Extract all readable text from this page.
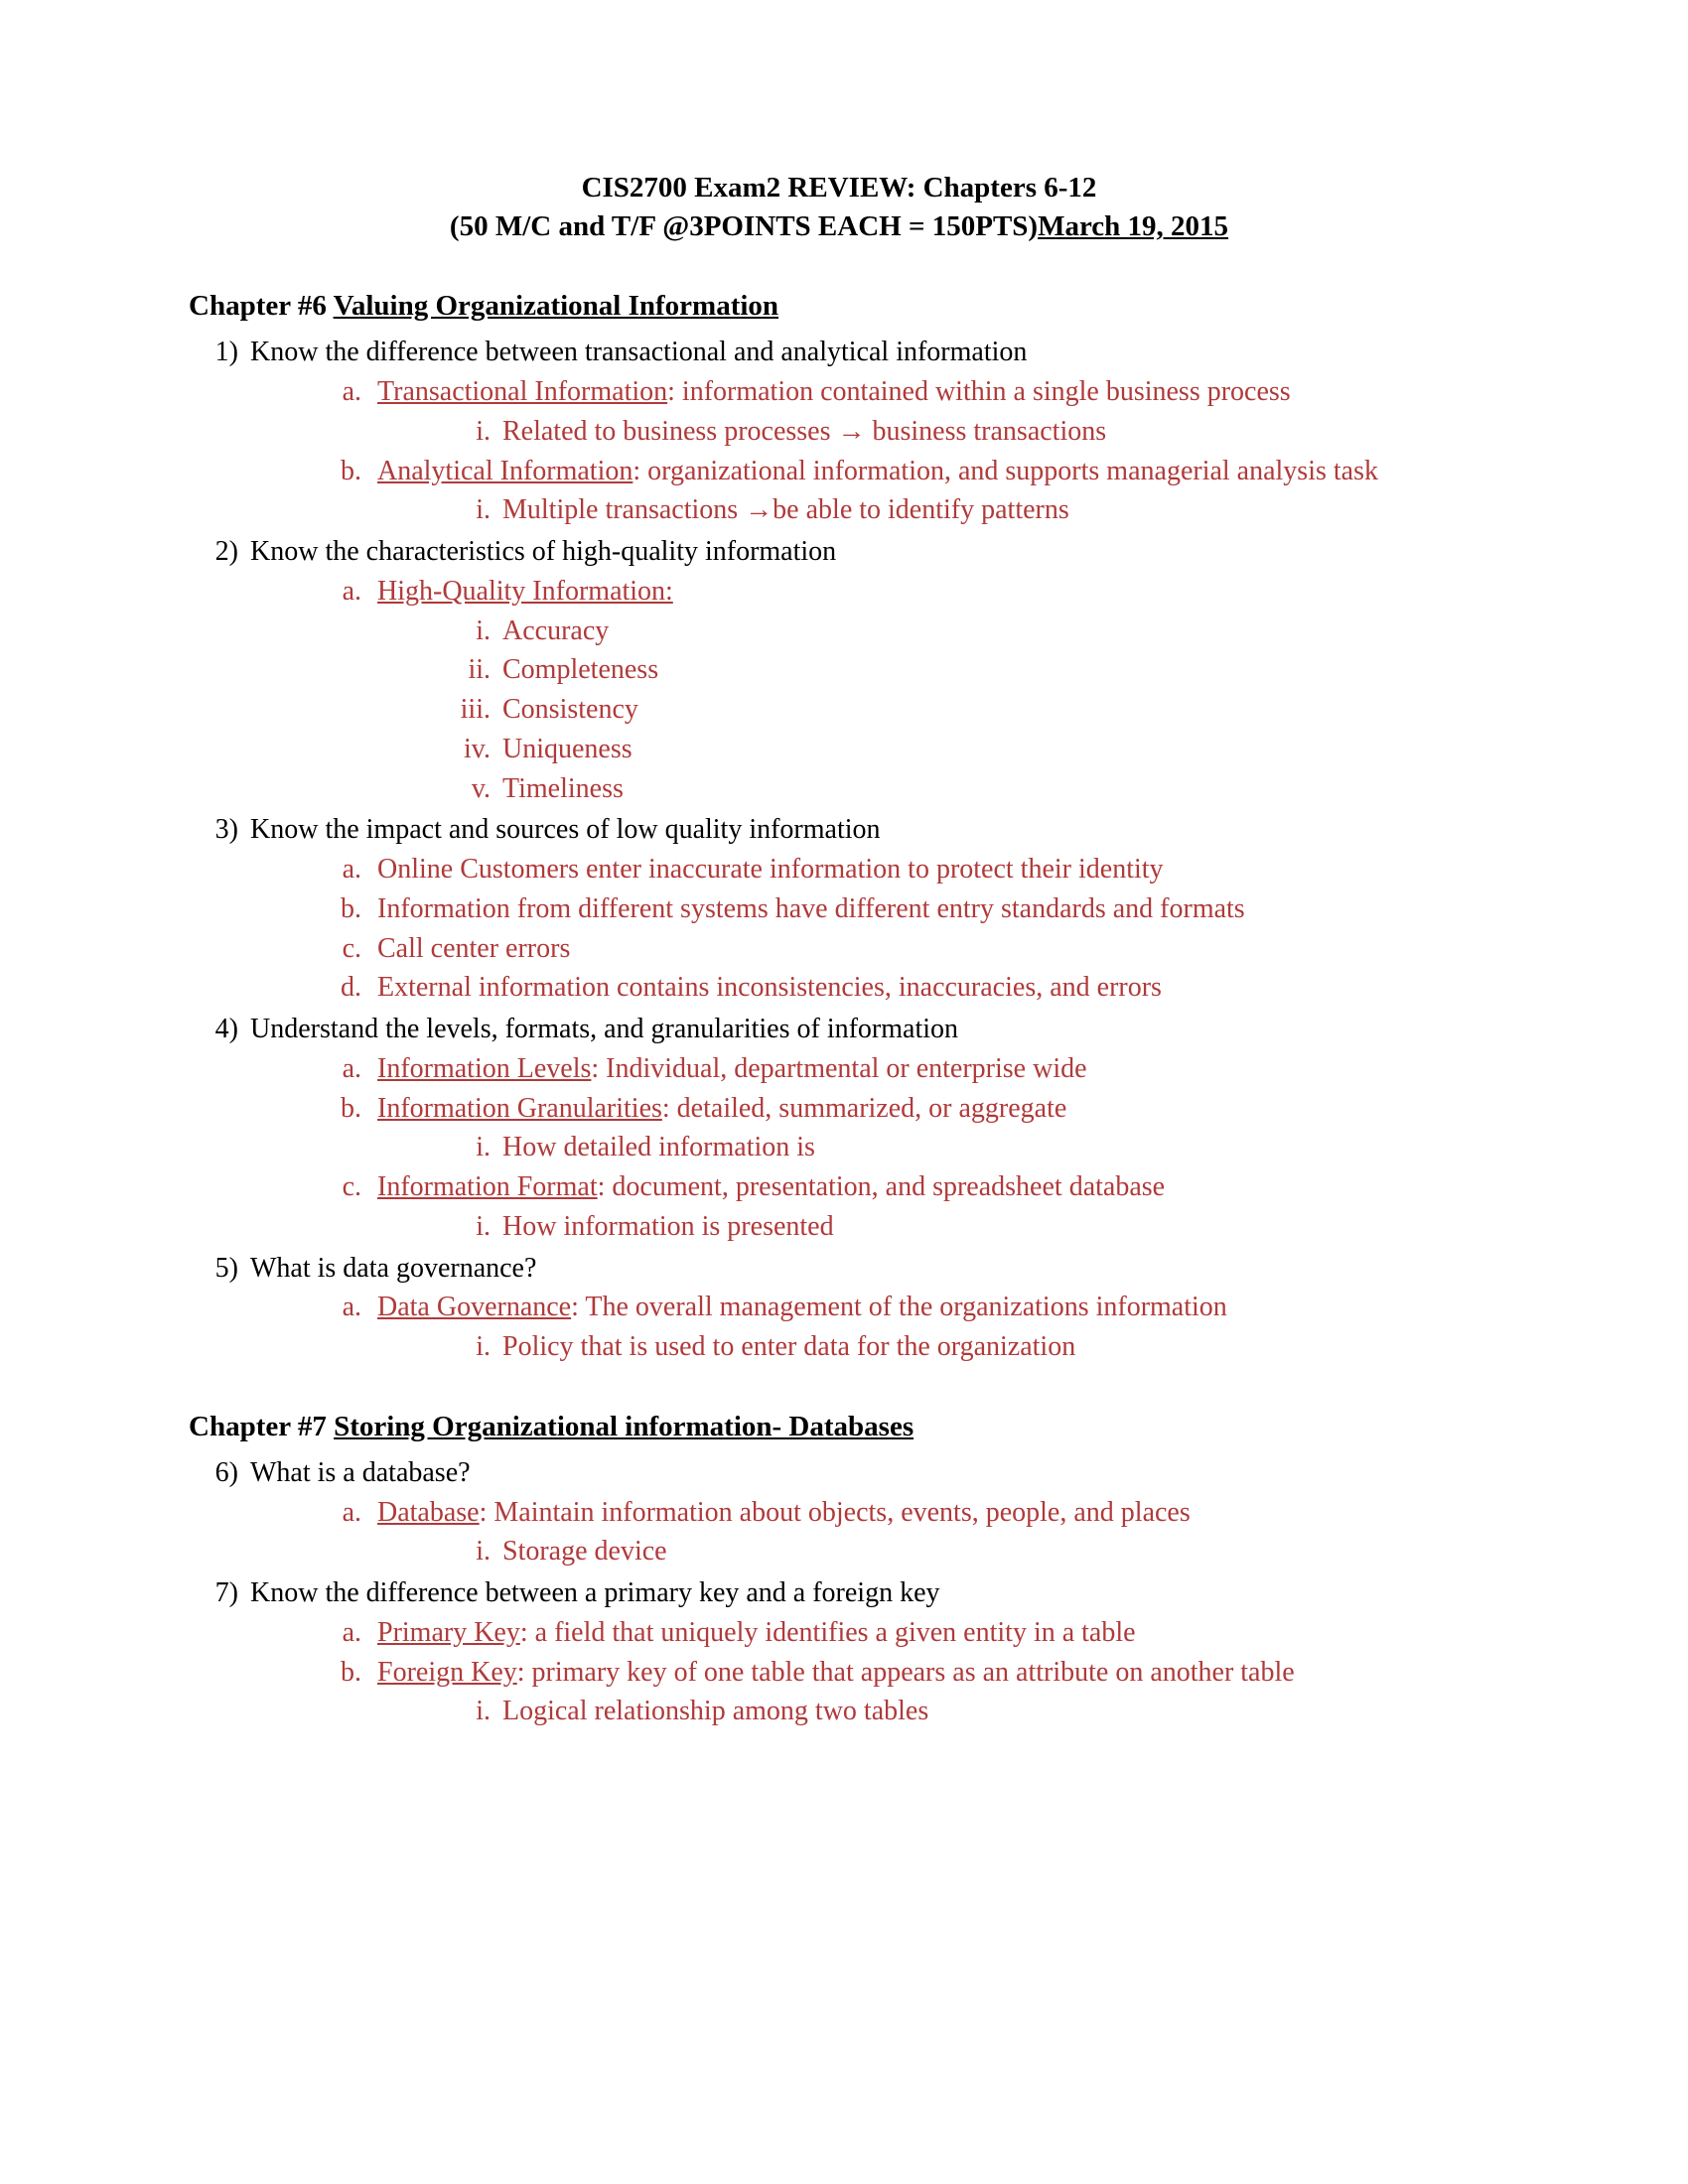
CIS2700 Exam2 REVIEW: Chapters 6-12
(50 M/C and T/F @3POINTS EACH = 150PTS)March 19, 2015
Chapter #6 Valuing Organizational Information
1) Know the difference between transactional and analytical information
a. Transactional Information: information contained within a single business process
i. Related to business processes → business transactions
b. Analytical Information: organizational information, and supports managerial analysis task
i. Multiple transactions →be able to identify patterns
2) Know the characteristics of high-quality information
a. High-Quality Information:
i. Accuracy
ii. Completeness
iii. Consistency
iv. Uniqueness
v. Timeliness
3) Know the impact and sources of low quality information
a. Online Customers enter inaccurate information to protect their identity
b. Information from different systems have different entry standards and formats
c. Call center errors
d. External information contains inconsistencies, inaccuracies, and errors
4) Understand the levels, formats, and granularities of information
a. Information Levels: Individual, departmental or enterprise wide
b. Information Granularities: detailed, summarized, or aggregate
i. How detailed information is
c. Information Format: document, presentation, and spreadsheet database
i. How information is presented
5) What is data governance?
a. Data Governance: The overall management of the organizations information
i. Policy that is used to enter data for the organization
Chapter #7 Storing Organizational information- Databases
6) What is a database?
a. Database: Maintain information about objects, events, people, and places
i. Storage device
7) Know the difference between a primary key and a foreign key
a. Primary Key: a field that uniquely identifies a given entity in a table
b. Foreign Key: primary key of one table that appears as an attribute on another table
i. Logical relationship among two tables
